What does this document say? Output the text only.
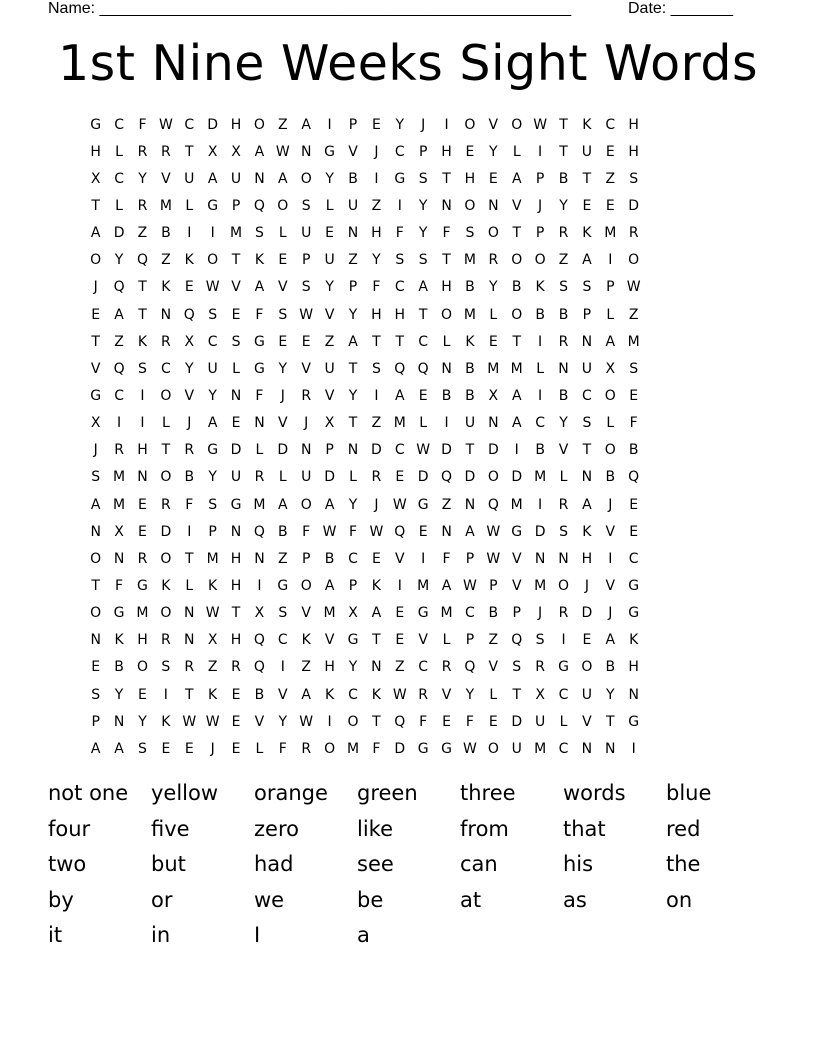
Name: _____________________________________________________	Date: _______
1st Nine Weeks Sight Words
G C	F W C D H O Z A	I	P	E	Y	J	I	O V O W T	K C H
H	L	R R	T	X X A W N G V	J	C	P H E	Y	L	I	T U E H
X C	Y	V U A U N A O Y	B	I	G S	T H E	A	P	B	T	Z	S
T	L	R M L	G P Q O S	L	U Z	I	Y N O N V	J	Y	E	E D
A D Z B	I	I	M S	L	U E N H	F	Y	F	S O T	P	R K M R
O Y Q Z	K O T	K	E	P	U Z	Y	S	S	T M R O O Z A	I	O
J	Q T	K	E W V A V	S	Y	P	F	C A H B	Y	B K	S	S	P W
E	A	T N Q S	E	F	S W V	Y H H T O M L O B B	P	L	Z
T	Z	K R X C	S G E	E	Z A	T	T	C	L	K	E	T	I	R N A M
V Q S	C	Y U	L	G Y	V U T	S Q Q N B M M L	N U X	S
G C	I	O V	Y N	F	J	R V	Y	I	A	E	B B X A	I	B C O E
X	I	I	L	J	A	E N V	J	X	T	Z M L	I	U N A C	Y	S	L	F
J	R H T	R G D	L	D N P N D C W D T D	I	B V	T O B
S M N O B	Y U R	L	U D	L	R	E D Q D O D M L	N B Q
A M E	R	F	S G M A O A	Y	J	W G Z N Q M	I	R A	J	E
N X	E D	I	P N Q B	F W F W Q E N A W G D S	K	V	E
O N R O T M H N Z	P	B C	E	V	I	F	P W V N N H	I	C
T	F G K	L	K H	I	G O A	P	K	I	M A W P	V M O	J	V G
O G M O N W T	X	S	V M X A	E G M C B	P	J	R D	J	G
N K H R N X H Q C K	V G T	E	V	L	P	Z Q S	I	E	A	K
E	B O S	R Z R Q	I	Z H Y N Z C R Q V	S	R G O B H
S	Y	E	I	T	K	E	B V A	K C K W R V	Y	L	T	X C U Y N
P N Y	K W W E	V	Y W	I	O T Q F	E	F	E D U	L	V	T G
A A	S	E	E	J	E	L	F	R O M F D G G W O U M C N N	I
not one	yellow	orange	green	three	words	blue
four	five	zero	like	from	that	red
two	but	had	see	can	his	the
by	or	we	be	at	as	on
it	in	I	a
